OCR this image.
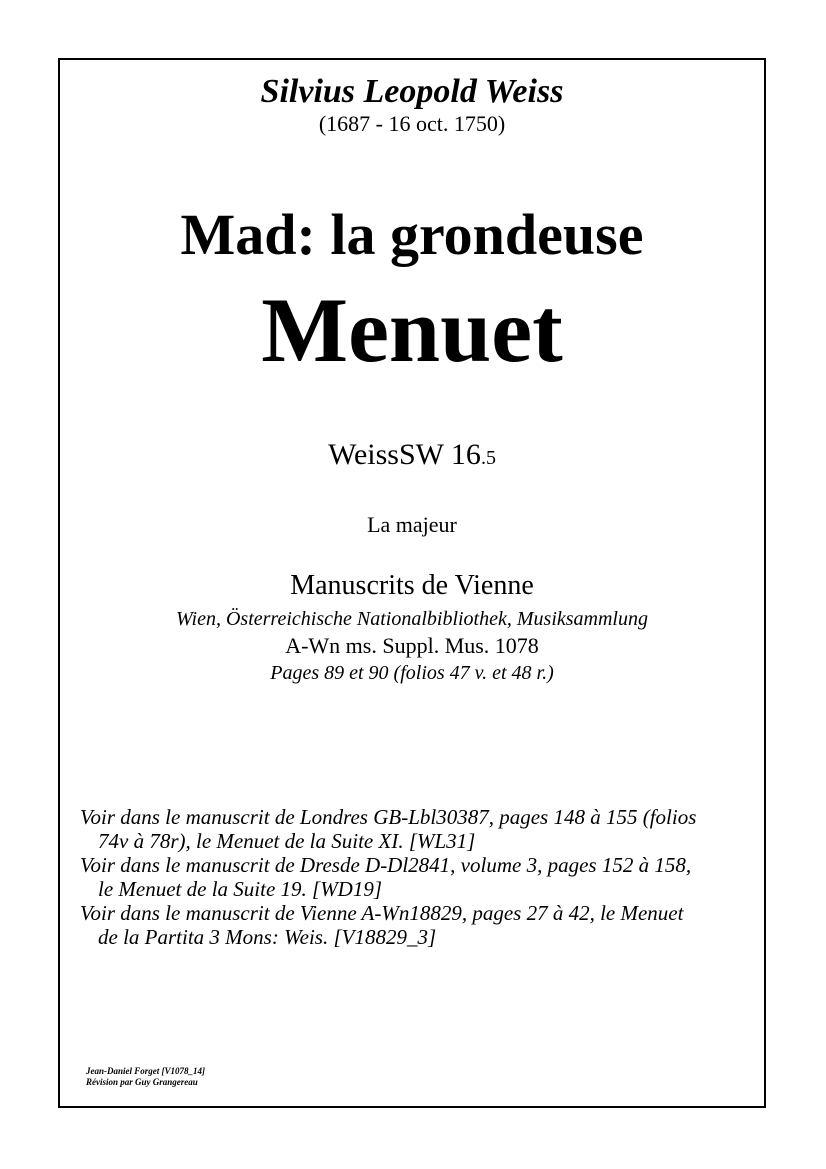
Silvius Leopold Weiss
(1687 - 16 oct. 1750)
Mad: la grondeuse
Menuet
WeissSW 16.5
La majeur
Manuscrits de Vienne
Wien, Österreichische Nationalbibliothek, Musiksammlung
A-Wn ms. Suppl. Mus. 1078
Pages 89 et 90 (folios 47 v. et 48 r.)
Voir dans le manuscrit de Londres GB-Lbl30387, pages 148 à 155 (folios
74v à 78r), le Menuet de la Suite XI. [WL31]
Voir dans le manuscrit de Dresde D-Dl2841, volume 3, pages 152 à 158,
le Menuet de la Suite 19. [WD19]
Voir dans le manuscrit de Vienne A-Wn18829, pages 27 à 42, le Menuet
de la Partita 3 Mons: Weis. [V18829_3]
Jean-Daniel Forget [V1078_14]
Révision par Guy Grangereau
